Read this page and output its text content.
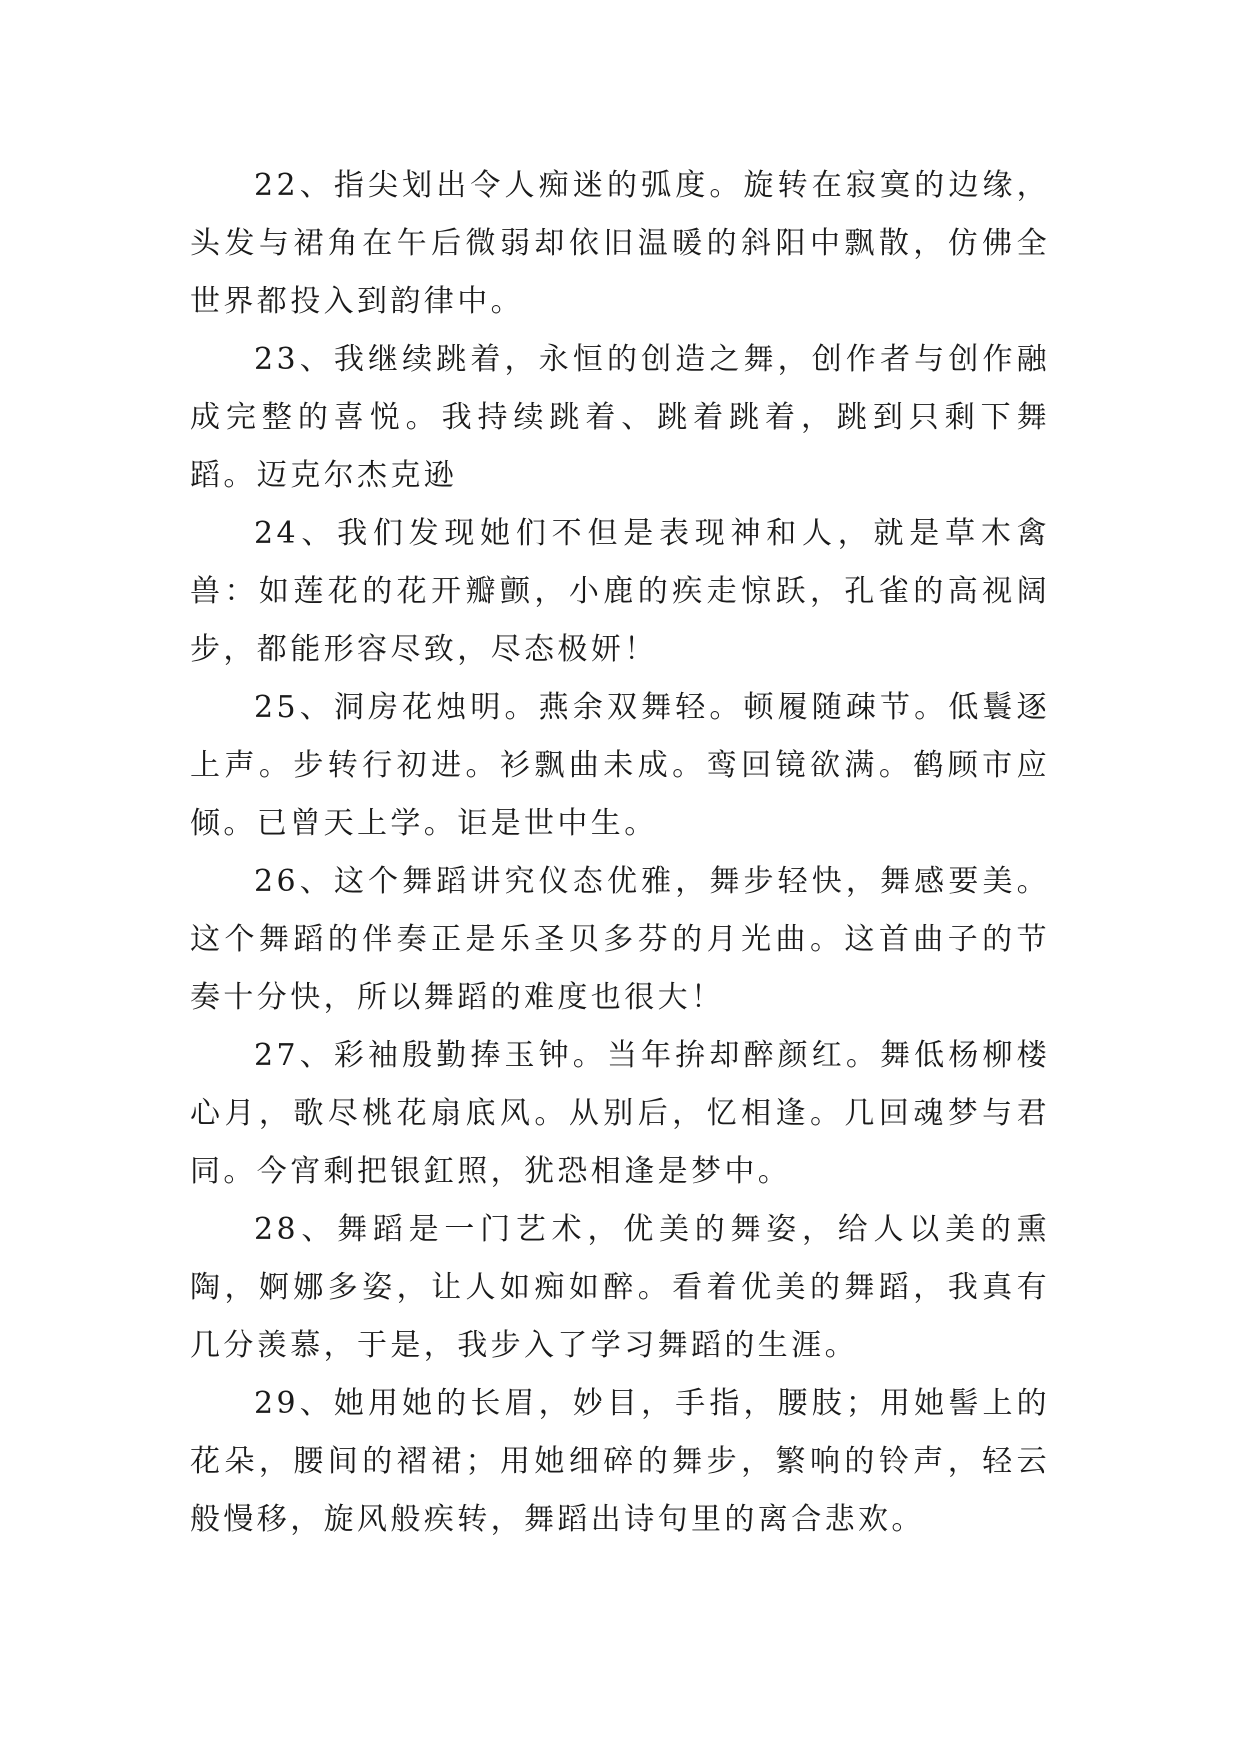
22、指尖划出令人痴迷的弧度。旋转在寂寞的边缘，头发与裙角在午后微弱却依旧温暖的斜阳中飘散，仿佛全世界都投入到韵律中。

23、我继续跳着，永恒的创造之舞，创作者与创作融成完整的喜悦。我持续跳着、跳着跳着，跳到只剩下舞蹈。迈克尔杰克逊

24、我们发现她们不但是表现神和人，就是草木禽兽：如莲花的花开瓣颤，小鹿的疾走惊跃，孔雀的高视阔步，都能形容尽致，尽态极妍！

25、洞房花烛明。燕余双舞轻。顿履随疎节。低鬟逐上声。步转行初进。衫飘曲未成。鸾回镜欲满。鹤顾市应倾。已曾天上学。讵是世中生。

26、这个舞蹈讲究仪态优雅，舞步轻快，舞感要美。这个舞蹈的伴奏正是乐圣贝多芬的月光曲。这首曲子的节奏十分快，所以舞蹈的难度也很大！

27、彩袖殷勤捧玉钟。当年拚却醉颜红。舞低杨柳楼心月，歌尽桃花扇底风。从别后，忆相逢。几回魂梦与君同。今宵剩把银釭照，犹恐相逢是梦中。

28、舞蹈是一门艺术，优美的舞姿，给人以美的熏陶，婀娜多姿，让人如痴如醉。看着优美的舞蹈，我真有几分羡慕，于是，我步入了学习舞蹈的生涯。

29、她用她的长眉，妙目，手指，腰肢；用她髻上的花朵，腰间的褶裙；用她细碎的舞步，繁响的铃声，轻云般慢移，旋风般疾转，舞蹈出诗句里的离合悲欢。
